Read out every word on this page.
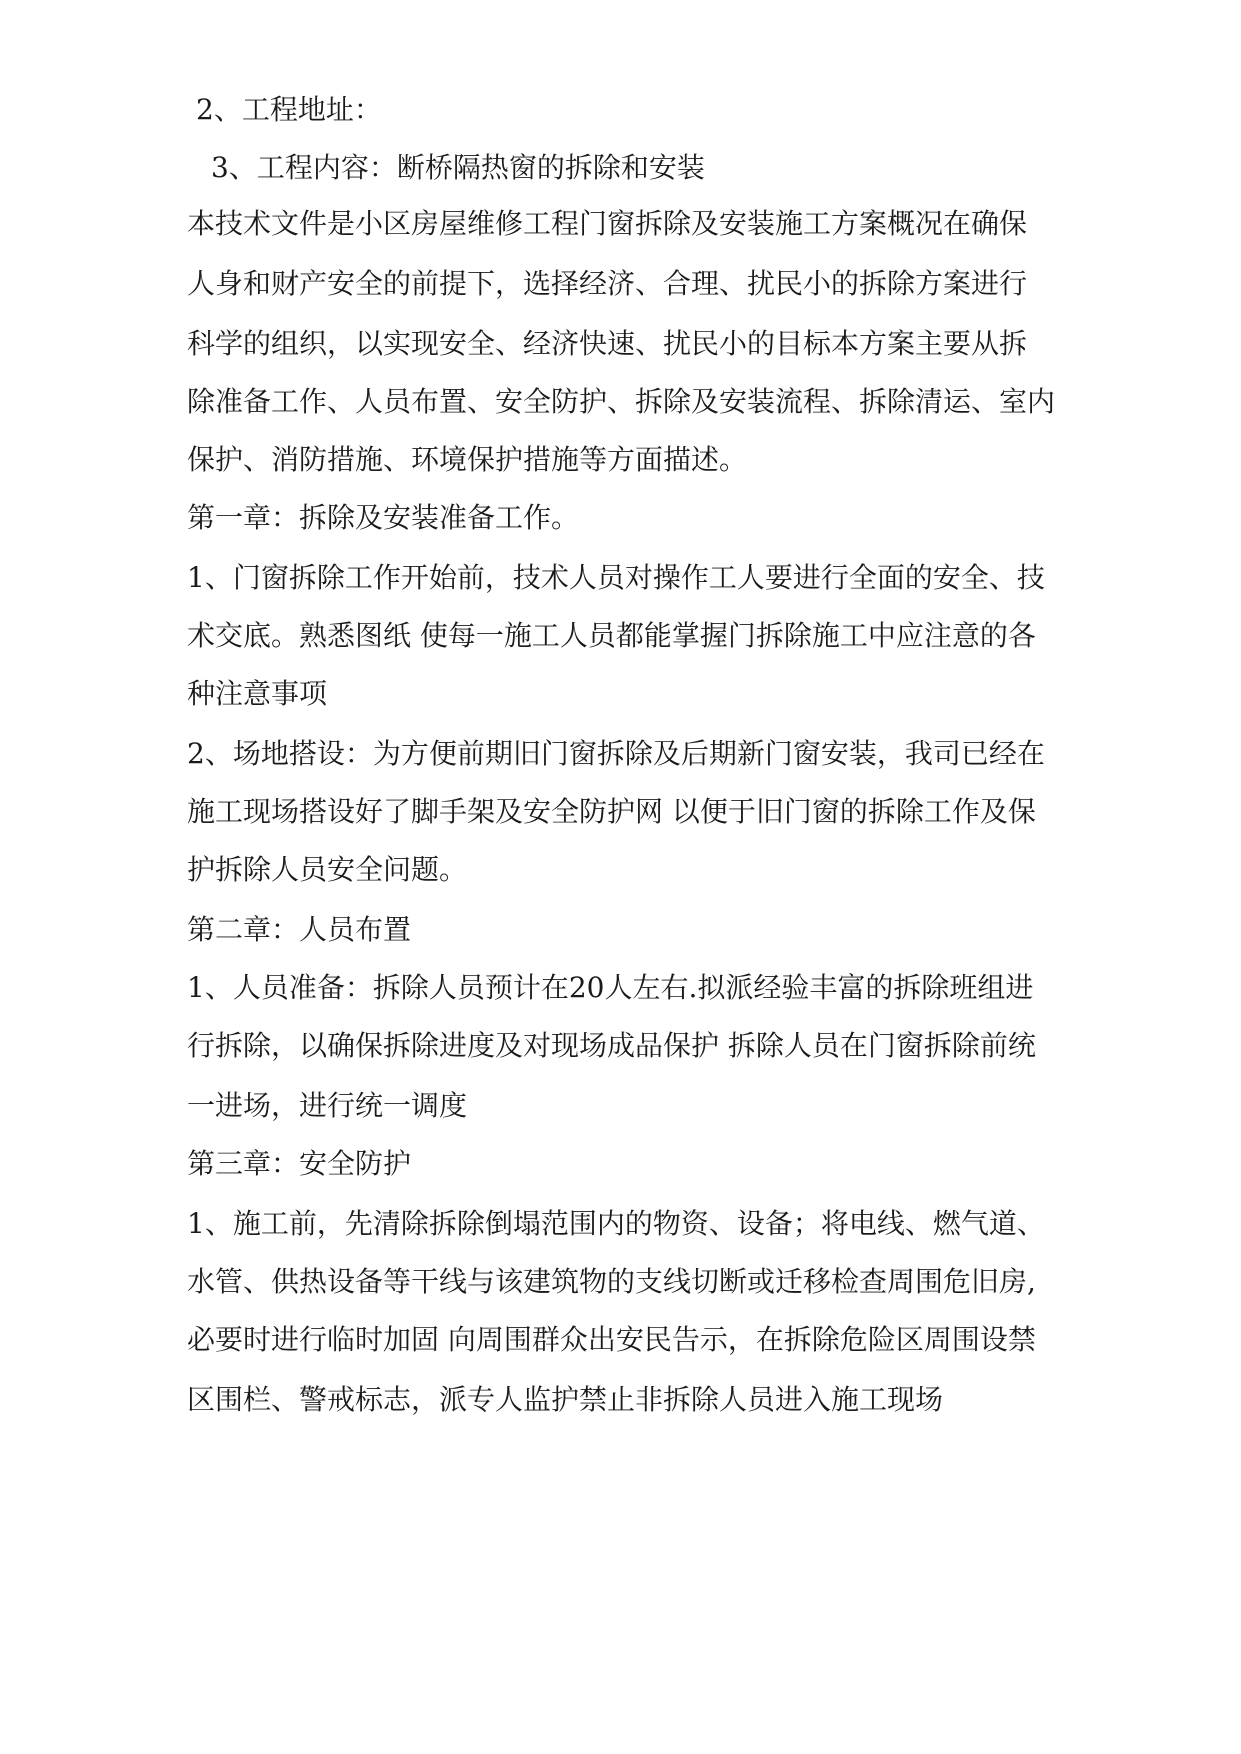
2、工程地址：

3、工程内容：断桥隔热窗的拆除和安装

本技术文件是小区房屋维修工程门窗拆除及安装施工方案概况在确保

人身和财产安全的前提下，选择经济、合理、扰民小的拆除方案进行

科学的组织，以实现安全、经济快速、扰民小的目标本方案主要从拆

除准备工作、人员布置、安全防护、拆除及安装流程、拆除清运、室内

保护、消防措施、环境保护措施等方面描述。

第一章：拆除及安装准备工作。

1、门窗拆除工作开始前，技术人员对操作工人要进行全面的安全、技

术交底。熟悉图纸 使每一施工人员都能掌握门拆除施工中应注意的各

种注意事项

2、场地搭设：为方便前期旧门窗拆除及后期新门窗安装，我司已经在

施工现场搭设好了脚手架及安全防护网 以便于旧门窗的拆除工作及保

护拆除人员安全问题。

第二章：人员布置

1、人员准备：拆除人员预计在20人左右.拟派经验丰富的拆除班组进

行拆除，以确保拆除进度及对现场成品保护 拆除人员在门窗拆除前统

一进场，进行统一调度

第三章：安全防护

1、施工前，先清除拆除倒塌范围内的物资、设备；将电线、燃气道、

水管、供热设备等干线与该建筑物的支线切断或迁移检查周围危旧房,

必要时进行临时加固 向周围群众出安民告示，在拆除危险区周围设禁

区围栏、警戒标志，派专人监护禁止非拆除人员进入施工现场
